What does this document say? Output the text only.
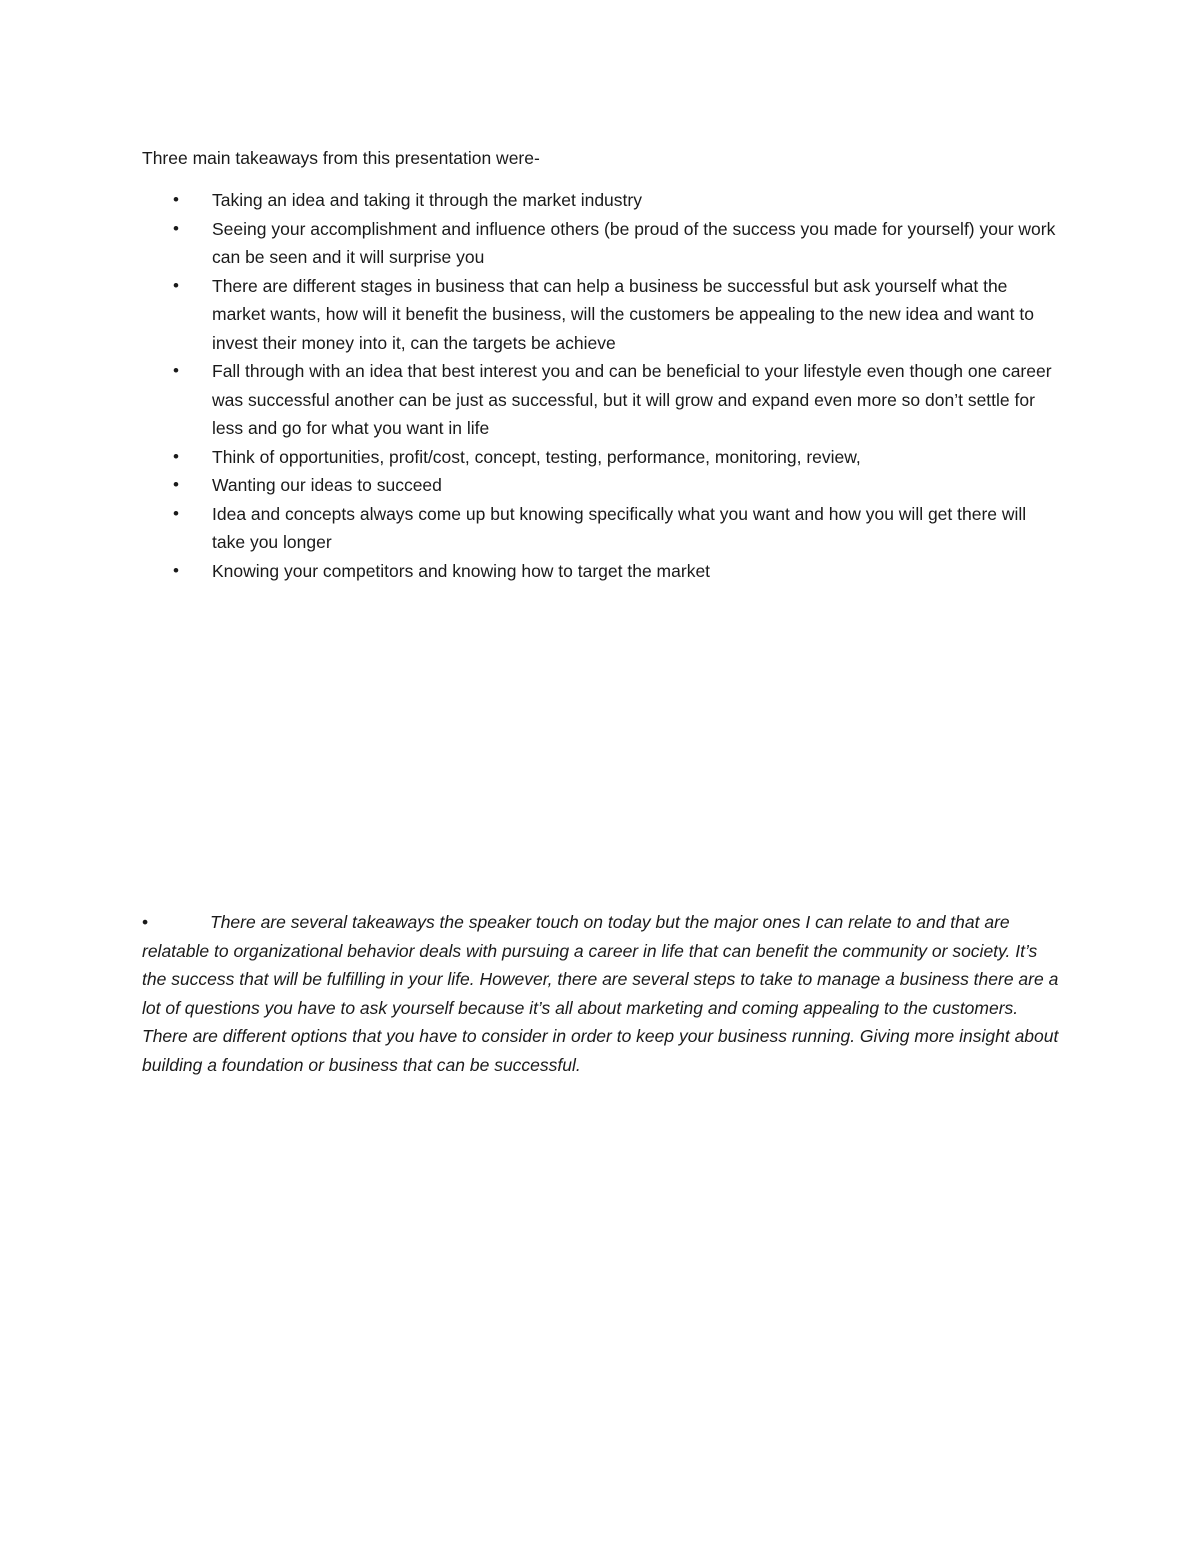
Three main takeaways from this presentation were-

• Taking an idea and taking it through the market industry
• Seeing your accomplishment and influence others (be proud of the success you made for yourself) your work can be seen and it will surprise you
• There are different stages in business that can help a business be successful but ask yourself what the market wants, how will it benefit the business, will the customers be appealing to the new idea and want to invest their money into it, can the targets be achieve
• Fall through with an idea that best interest you and can be beneficial to your lifestyle even though one career was successful another can be just as successful, but it will grow and expand even more so don’t settle for less and go for what you want in life
• Think of opportunities, profit/cost, concept, testing, performance, monitoring, review,
• Wanting our ideas to succeed
• Idea and concepts always come up but knowing specifically what you want and how you will get there will take you longer
• Knowing your competitors and knowing how to target the market

•	There are several takeaways the speaker touch on today but the major ones I can relate to and that are relatable to organizational behavior deals with pursuing a career in life that can benefit the community or society. It’s the success that will be fulfilling in your life. However, there are several steps to take to manage a business there are a lot of questions you have to ask yourself because it’s all about marketing and coming appealing to the customers. There are different options that you have to consider in order to keep your business running. Giving more insight about building a foundation or business that can be successful.
